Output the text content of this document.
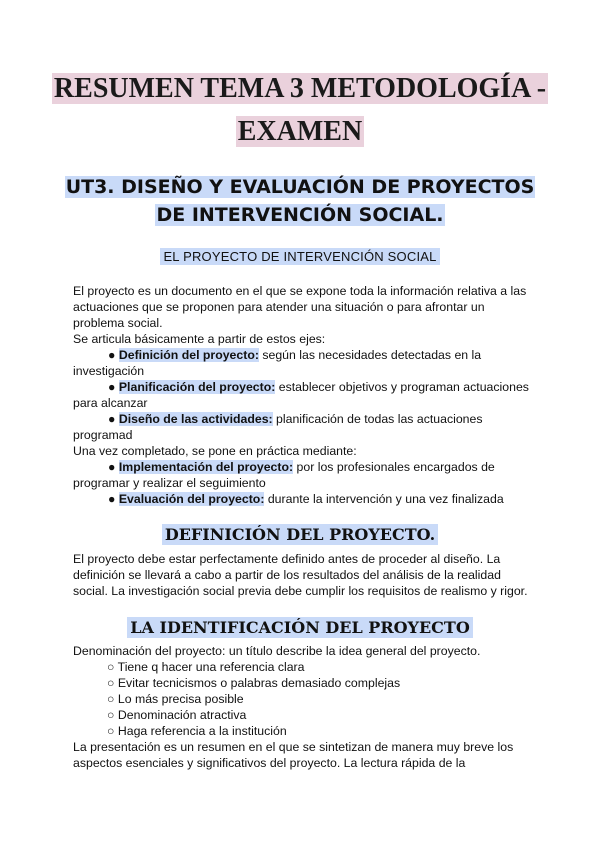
RESUMEN TEMA 3 METODOLOGÍA -
EXAMEN
UT3. DISEÑO Y EVALUACIÓN DE PROYECTOS
DE INTERVENCIÓN SOCIAL.
EL PROYECTO DE INTERVENCIÓN SOCIAL
El proyecto es un documento en el que se expone toda la información relativa a las
actuaciones que se proponen para atender una situación o para afrontar un
problema social.
Se articula básicamente a partir de estos ejes:
● Definición del proyecto: según las necesidades detectadas en la
investigación
● Planificación del proyecto: establecer objetivos y programan actuaciones
para alcanzar
● Diseño de las actividades: planificación de todas las actuaciones
programad
Una vez completado, se pone en práctica mediante:
● Implementación del proyecto: por los profesionales encargados de
programar y realizar el seguimiento
● Evaluación del proyecto: durante la intervención y una vez finalizada
DEFINICIÓN DEL PROYECTO.
El proyecto debe estar perfectamente definido antes de proceder al diseño. La
definición se llevará a cabo a partir de los resultados del análisis de la realidad
social. La investigación social previa debe cumplir los requisitos de realismo y rigor.
LA IDENTIFICACIÓN DEL PROYECTO
Denominación del proyecto: un título describe la idea general del proyecto.
○ Tiene q hacer una referencia clara
○ Evitar tecnicismos o palabras demasiado complejas
○ Lo más precisa posible
○ Denominación atractiva
○ Haga referencia a la institución
La presentación es un resumen en el que se sintetizan de manera muy breve los
aspectos esenciales y significativos del proyecto. La lectura rápida de la
